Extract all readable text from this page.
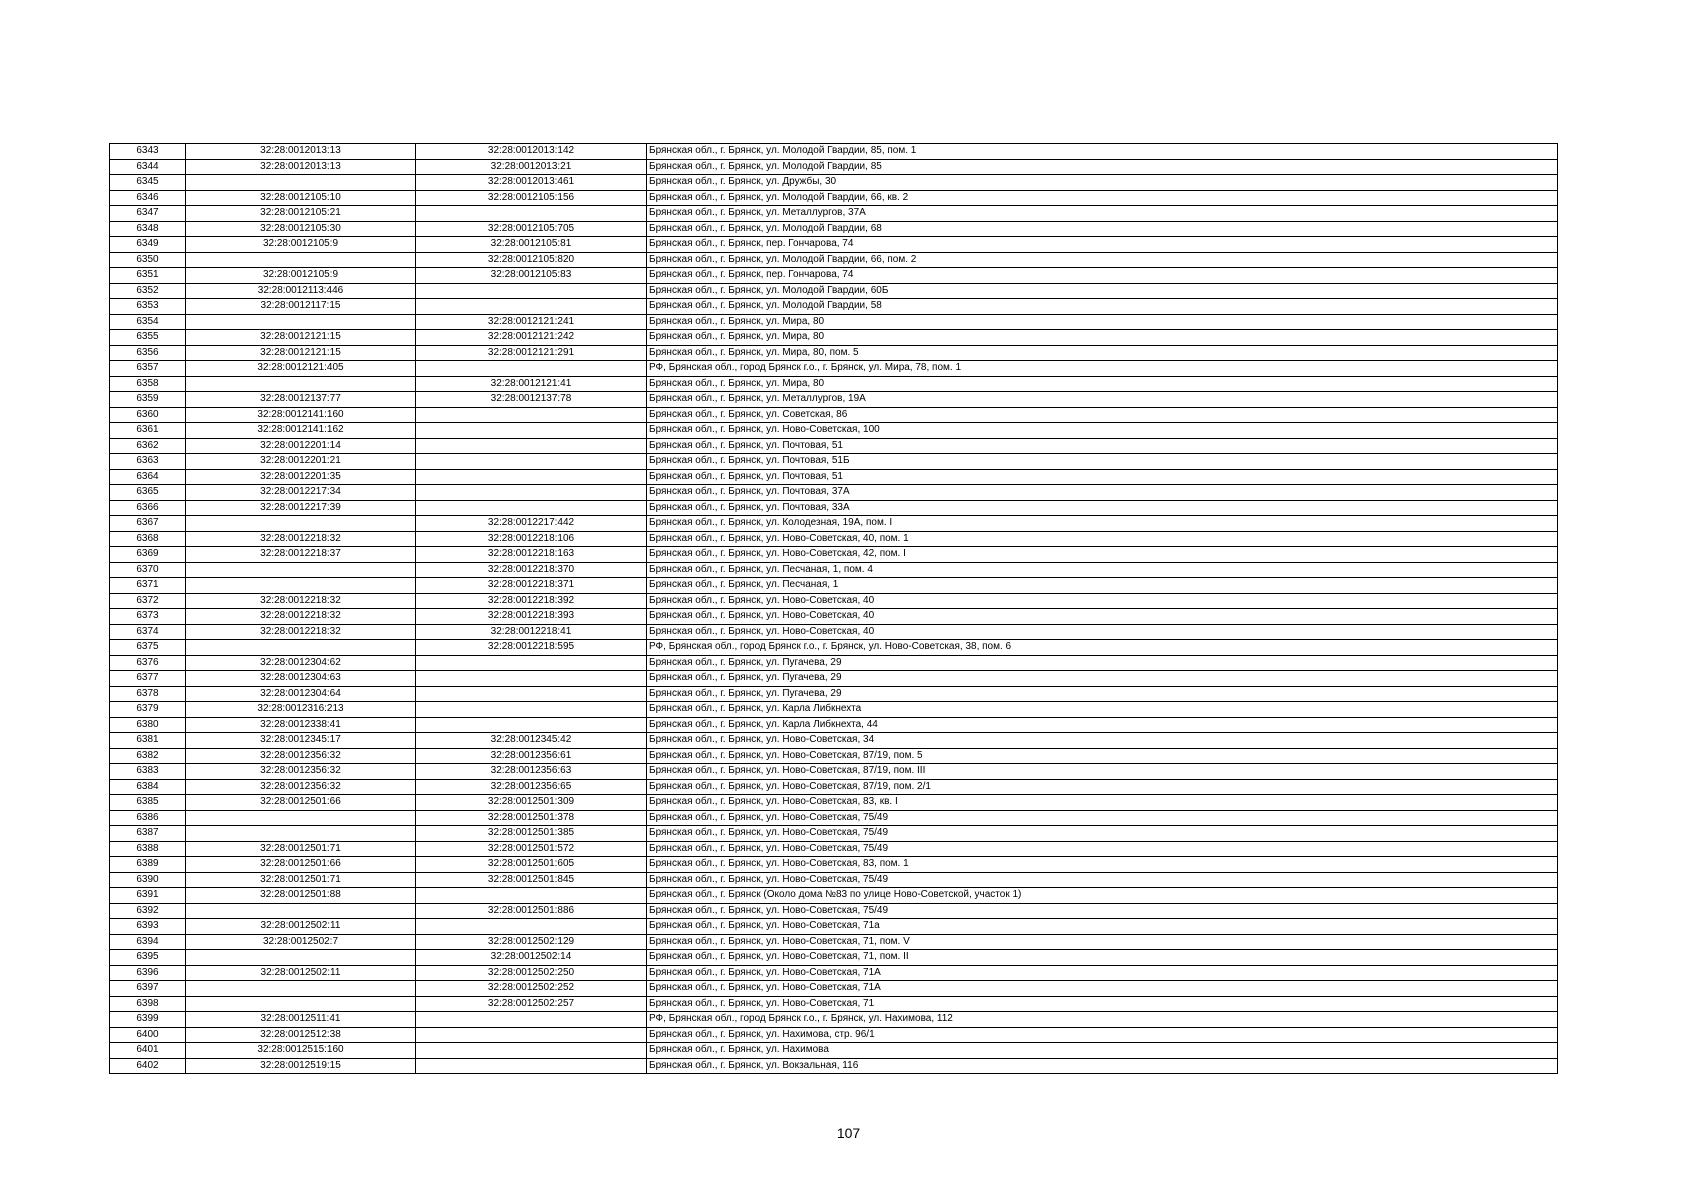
6343	32:28:0012013:13	32:28:0012013:142	Брянская обл., г. Брянск, ул. Молодой Гвардии, 85, пом. 1
6344	32:28:0012013:13	32:28:0012013:21	Брянская обл., г. Брянск, ул. Молодой Гвардии, 85
6345		32:28:0012013:461	Брянская обл., г. Брянск, ул. Дружбы, 30
6346	32:28:0012105:10	32:28:0012105:156	Брянская обл., г. Брянск, ул. Молодой Гвардии, 66, кв. 2
6347	32:28:0012105:21		Брянская обл., г. Брянск, ул. Металлургов, 37А
6348	32:28:0012105:30	32:28:0012105:705	Брянская обл., г. Брянск, ул. Молодой Гвардии, 68
6349	32:28:0012105:9	32:28:0012105:81	Брянская обл., г. Брянск, пер. Гончарова, 74
6350		32:28:0012105:820	Брянская обл., г. Брянск, ул. Молодой Гвардии, 66, пом. 2
6351	32:28:0012105:9	32:28:0012105:83	Брянская обл., г. Брянск, пер. Гончарова, 74
6352	32:28:0012113:446		Брянская обл., г. Брянск, ул. Молодой Гвардии, 60Б
6353	32:28:0012117:15		Брянская обл., г. Брянск, ул. Молодой Гвардии, 58
6354		32:28:0012121:241	Брянская обл., г. Брянск, ул. Мира, 80
6355	32:28:0012121:15	32:28:0012121:242	Брянская обл., г. Брянск, ул. Мира, 80
6356	32:28:0012121:15	32:28:0012121:291	Брянская обл., г. Брянск, ул. Мира, 80, пом. 5
6357	32:28:0012121:405		РФ, Брянская обл., город Брянск г.о., г. Брянск, ул. Мира, 78, пом. 1
6358		32:28:0012121:41	Брянская обл., г. Брянск, ул. Мира, 80
6359	32:28:0012137:77	32:28:0012137:78	Брянская обл., г. Брянск, ул. Металлургов, 19А
6360	32:28:0012141:160		Брянская обл., г. Брянск, ул. Советская, 86
6361	32:28:0012141:162		Брянская обл., г. Брянск, ул. Ново-Советская, 100
6362	32:28:0012201:14		Брянская обл., г. Брянск, ул. Почтовая, 51
6363	32:28:0012201:21		Брянская обл., г. Брянск, ул. Почтовая, 51Б
6364	32:28:0012201:35		Брянская обл., г. Брянск, ул. Почтовая, 51
6365	32:28:0012217:34		Брянская обл., г. Брянск, ул. Почтовая, 37А
6366	32:28:0012217:39		Брянская обл., г. Брянск, ул. Почтовая, 33А
6367		32:28:0012217:442	Брянская обл., г. Брянск, ул. Колодезная, 19А, пом. I
6368	32:28:0012218:32	32:28:0012218:106	Брянская обл., г. Брянск, ул. Ново-Советская, 40, пом. 1
6369	32:28:0012218:37	32:28:0012218:163	Брянская обл., г. Брянск, ул. Ново-Советская, 42, пом. I
6370		32:28:0012218:370	Брянская обл., г. Брянск, ул. Песчаная, 1, пом. 4
6371		32:28:0012218:371	Брянская обл., г. Брянск, ул. Песчаная, 1
6372	32:28:0012218:32	32:28:0012218:392	Брянская обл., г. Брянск, ул. Ново-Советская, 40
6373	32:28:0012218:32	32:28:0012218:393	Брянская обл., г. Брянск, ул. Ново-Советская, 40
6374	32:28:0012218:32	32:28:0012218:41	Брянская обл., г. Брянск, ул. Ново-Советская, 40
6375		32:28:0012218:595	РФ, Брянская обл., город Брянск г.о., г. Брянск, ул. Ново-Советская, 38, пом. 6
6376	32:28:0012304:62		Брянская обл., г. Брянск, ул. Пугачева, 29
6377	32:28:0012304:63		Брянская обл., г. Брянск, ул. Пугачева, 29
6378	32:28:0012304:64		Брянская обл., г. Брянск, ул. Пугачева, 29
6379	32:28:0012316:213		Брянская обл., г. Брянск, ул. Карла Либкнехта
6380	32:28:0012338:41		Брянская обл., г. Брянск, ул. Карла Либкнехта, 44
6381	32:28:0012345:17	32:28:0012345:42	Брянская обл., г. Брянск, ул. Ново-Советская, 34
6382	32:28:0012356:32	32:28:0012356:61	Брянская обл., г. Брянск, ул. Ново-Советская, 87/19, пом. 5
6383	32:28:0012356:32	32:28:0012356:63	Брянская обл., г. Брянск, ул. Ново-Советская, 87/19, пом. III
6384	32:28:0012356:32	32:28:0012356:65	Брянская обл., г. Брянск, ул. Ново-Советская, 87/19, пом. 2/1
6385	32:28:0012501:66	32:28:0012501:309	Брянская обл., г. Брянск, ул. Ново-Советская, 83, кв. I
6386		32:28:0012501:378	Брянская обл., г. Брянск, ул. Ново-Советская, 75/49
6387		32:28:0012501:385	Брянская обл., г. Брянск, ул. Ново-Советская, 75/49
6388	32:28:0012501:71	32:28:0012501:572	Брянская обл., г. Брянск, ул. Ново-Советская, 75/49
6389	32:28:0012501:66	32:28:0012501:605	Брянская обл., г. Брянск, ул. Ново-Советская, 83, пом. 1
6390	32:28:0012501:71	32:28:0012501:845	Брянская обл., г. Брянск, ул. Ново-Советская, 75/49
6391	32:28:0012501:88		Брянская обл., г. Брянск (Около дома №83 по улице Ново-Советской, участок 1)
6392		32:28:0012501:886	Брянская обл., г. Брянск, ул. Ново-Советская, 75/49
6393	32:28:0012502:11		Брянская обл., г. Брянск, ул. Ново-Советская, 71а
6394	32:28:0012502:7	32:28:0012502:129	Брянская обл., г. Брянск, ул. Ново-Советская, 71, пом. V
6395		32:28:0012502:14	Брянская обл., г. Брянск, ул. Ново-Советская, 71, пом. II
6396	32:28:0012502:11	32:28:0012502:250	Брянская обл., г. Брянск, ул. Ново-Советская, 71А
6397		32:28:0012502:252	Брянская обл., г. Брянск, ул. Ново-Советская, 71А
6398		32:28:0012502:257	Брянская обл., г. Брянск, ул. Ново-Советская, 71
6399	32:28:0012511:41		РФ, Брянская обл., город Брянск г.о., г. Брянск, ул. Нахимова, 112
6400	32:28:0012512:38		Брянская обл., г. Брянск, ул. Нахимова, стр. 96/1
6401	32:28:0012515:160		Брянская обл., г. Брянск, ул. Нахимова
6402	32:28:0012519:15		Брянская обл., г. Брянск, ул. Вокзальная, 116
107
